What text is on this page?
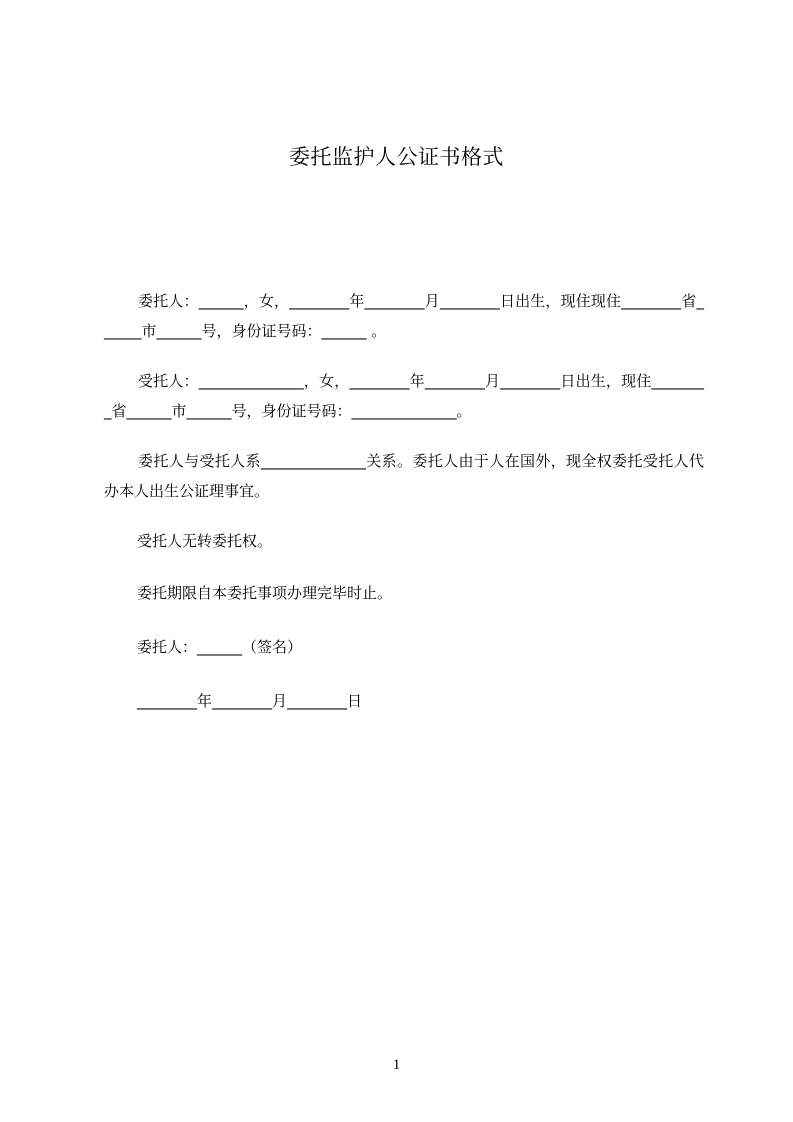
委托监护人公证书格式
委托人：______，女，________年________月________日出生，现住现住________省______市______号，身份证号码：______ 。
受托人：______________，女，________年________月________日出生，现住________省______市______号，身份证号码：______________。
委托人与受托人系______________关系。委托人由于人在国外，现全权委托受托人代办本人出生公证理事宜。
受托人无转委托权。
委托期限自本委托事项办理完毕时止。
委托人：______（签名）
________年________月________日
1
